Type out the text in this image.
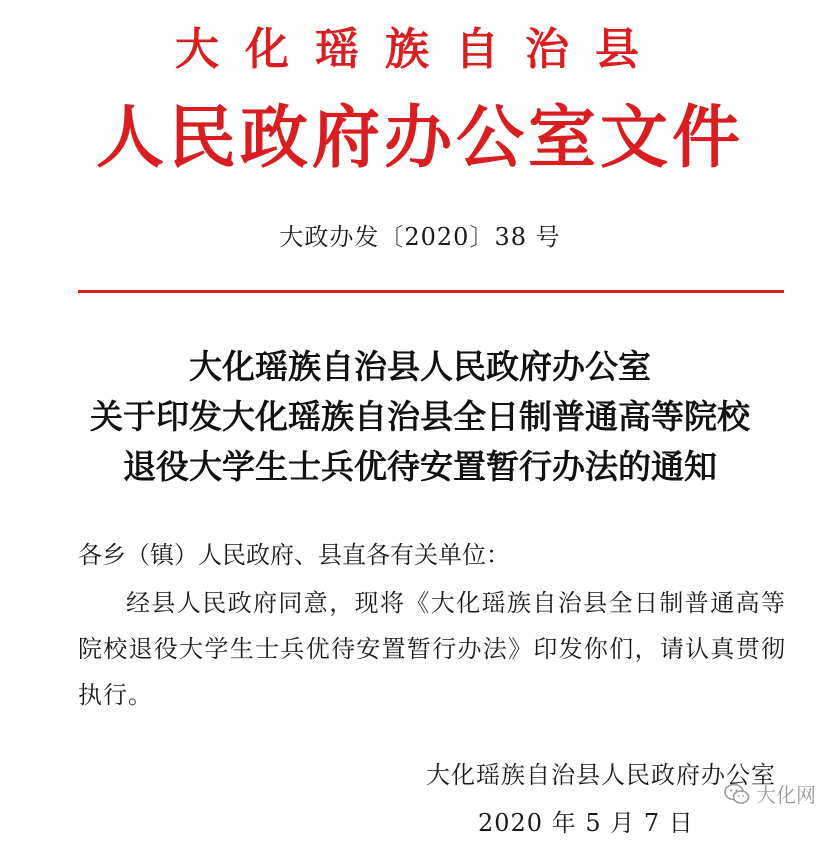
大化瑶族自治县
人民政府办公室文件
大政办发〔2020〕38 号
大化瑶族自治县人民政府办公室
关于印发大化瑶族自治县全日制普通高等院校
退役大学生士兵优待安置暂行办法的通知
各乡（镇）人民政府、县直各有关单位：
经县人民政府同意，现将《大化瑶族自治县全日制普通高等院校退役大学生士兵优待安置暂行办法》印发你们，请认真贯彻执行。
大化瑶族自治县人民政府办公室
2020 年 5 月 7 日
大化网
